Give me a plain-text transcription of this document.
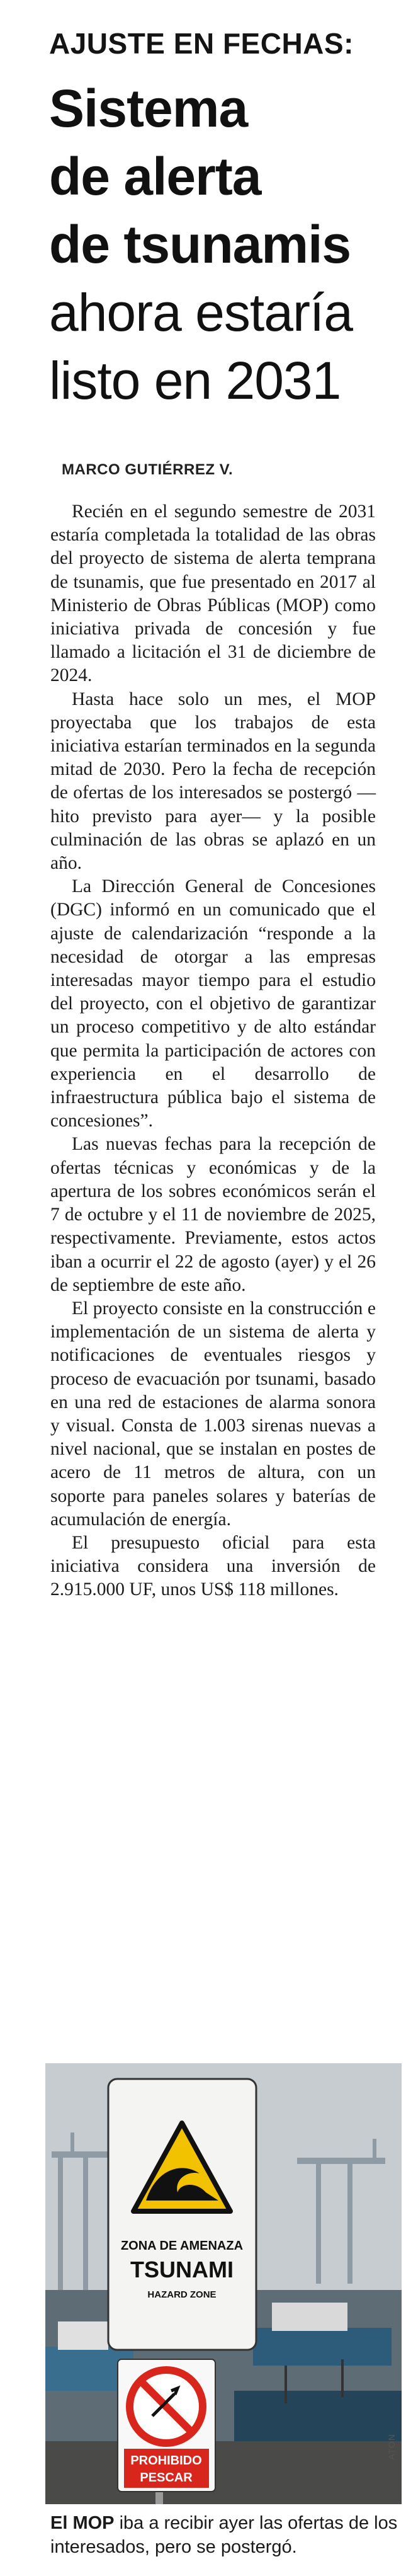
AJUSTE EN FECHAS:
Sistema
de alerta
de tsunamis
ahora estaría
listo en 2031
MARCO GUTIÉRREZ V.

Recién en el segundo semestre de 2031 estaría completada la totalidad de las obras del proyecto de sistema de alerta temprana de tsunamis, que fue presentado en 2017 al Ministerio de Obras Públicas (MOP) como iniciativa privada de concesión y fue llamado a licitación el 31 de diciembre de 2024.

Hasta hace solo un mes, el MOP proyectaba que los trabajos de esta iniciativa estarían terminados en la segunda mitad de 2030. Pero la fecha de recepción de ofertas de los interesados se postergó —hito previsto para ayer— y la posible culminación de las obras se aplazó en un año.

La Dirección General de Concesiones (DGC) informó en un comunicado que el ajuste de calendarización “responde a la necesidad de otorgar a las empresas interesadas mayor tiempo para el estudio del proyecto, con el objetivo de garantizar un proceso competitivo y de alto estándar que permita la participación de actores con experiencia en el desarrollo de infraestructura pública bajo el sistema de concesiones”.

Las nuevas fechas para la recepción de ofertas técnicas y económicas y de la apertura de los sobres económicos serán el 7 de octubre y el 11 de noviembre de 2025, respectivamente. Previamente, estos actos iban a ocurrir el 22 de agosto (ayer) y el 26 de septiembre de este año.

El proyecto consiste en la construcción e implementación de un sistema de alerta y notificaciones de eventuales riesgos y proceso de evacuación por tsunami, basado en una red de estaciones de alarma sonora y visual. Consta de 1.003 sirenas nuevas a nivel nacional, que se instalan en postes de acero de 11 metros de altura, con un soporte para paneles solares y baterías de acumulación de energía.

El presupuesto oficial para esta iniciativa considera una inversión de 2.915.000 UF, unos US$ 118 millones.

ZONA DE AMENAZA
TSUNAMI
HAZARD ZONE
PROHIBIDO
PESCAR
ATON
El MOP iba a recibir ayer las ofertas de los interesados, pero se postergó.
